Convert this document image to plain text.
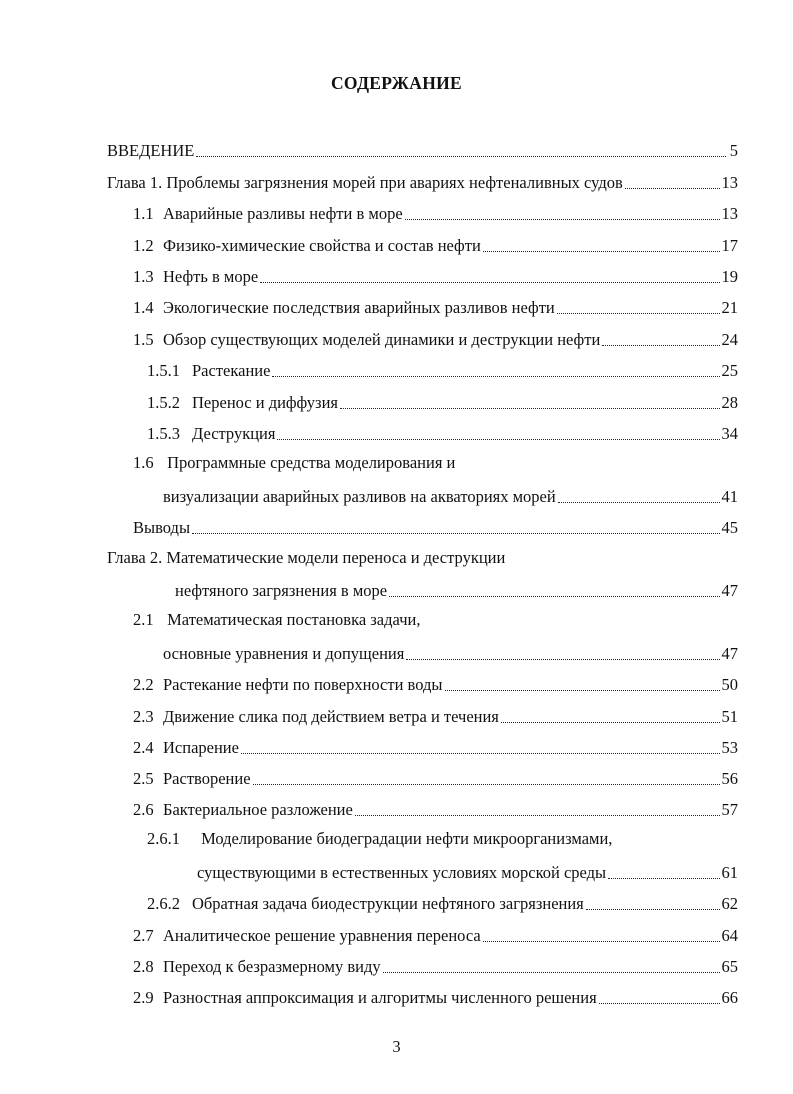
СОДЕРЖАНИЕ
ВВЕДЕНИЕ	5
Глава 1. Проблемы загрязнения морей при авариях нефтеналивных судов	13
1.1 Аварийные разливы нефти в море	13
1.2 Физико-химические свойства и состав нефти	17
1.3 Нефть в море	19
1.4 Экологические последствия аварийных разливов нефти	21
1.5 Обзор существующих моделей динамики и деструкции нефти	24
1.5.1 Растекание	25
1.5.2 Перенос и диффузия	28
1.5.3 Деструкция	34
1.6 Программные средства моделирования и
визуализации аварийных разливов на акваториях морей	41
Выводы	45
Глава 2. Математические модели переноса и деструкции
нефтяного загрязнения в море	47
2.1 Математическая постановка задачи,
основные уравнения и допущения	47
2.2 Растекание нефти по поверхности воды	50
2.3 Движение слика под действием ветра и течения	51
2.4 Испарение	53
2.5 Растворение	56
2.6 Бактериальное разложение	57
2.6.1 Моделирование биодеградации нефти микроорганизмами,
существующими в естественных условиях морской среды	61
2.6.2 Обратная задача биодеструкции нефтяного загрязнения	62
2.7 Аналитическое решение уравнения переноса	64
2.8 Переход к безразмерному виду	65
2.9 Разностная аппроксимация и алгоритмы численного решения	66
3
